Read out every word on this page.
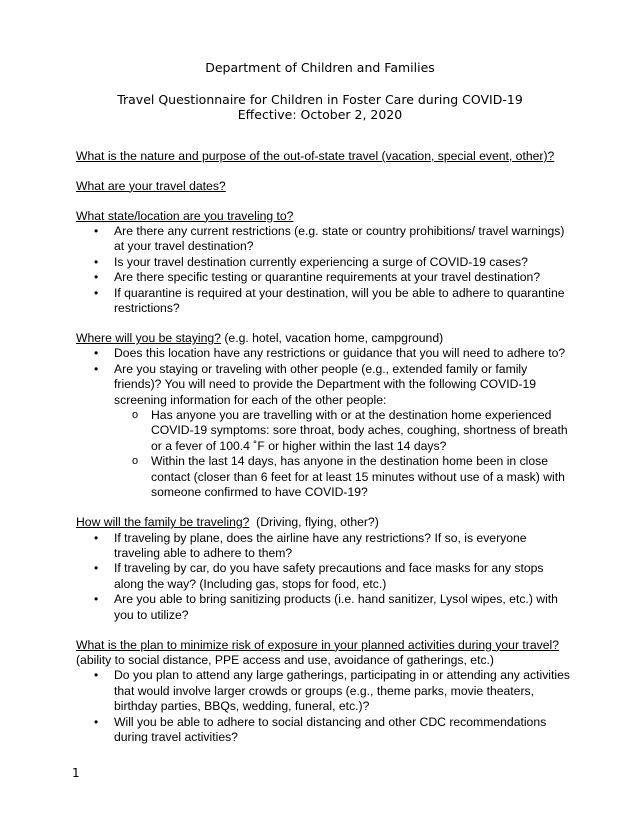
Department of Children and Families
Travel Questionnaire for Children in Foster Care during COVID-19
Effective: October 2, 2020

What is the nature and purpose of the out-of-state travel (vacation, special event, other)?

What are your travel dates?

What state/location are you traveling to?

• Are there any current restrictions (e.g. state or country prohibitions/ travel warnings) at your travel destination?
• Is your travel destination currently experiencing a surge of COVID-19 cases?
• Are there specific testing or quarantine requirements at your travel destination?
• If quarantine is required at your destination, will you be able to adhere to quarantine restrictions?

Where will you be staying? (e.g. hotel, vacation home, campground)

• Does this location have any restrictions or guidance that you will need to adhere to?
• Are you staying or traveling with other people (e.g., extended family or family friends)? You will need to provide the Department with the following COVID-19 screening information for each of the other people:
o Has anyone you are travelling with or at the destination home experienced COVID-19 symptoms: sore throat, body aches, coughing, shortness of breath or a fever of 100.4 ˚F or higher within the last 14 days?
o Within the last 14 days, has anyone in the destination home been in close contact (closer than 6 feet for at least 15 minutes without use of a mask) with someone confirmed to have COVID-19?

How will the family be traveling?  (Driving, flying, other?)

• If traveling by plane, does the airline have any restrictions? If so, is everyone traveling able to adhere to them?
• If traveling by car, do you have safety precautions and face masks for any stops along the way? (Including gas, stops for food, etc.)
• Are you able to bring sanitizing products (i.e. hand sanitizer, Lysol wipes, etc.) with you to utilize?

What is the plan to minimize risk of exposure in your planned activities during your travel? (ability to social distance, PPE access and use, avoidance of gatherings, etc.)

• Do you plan to attend any large gatherings, participating in or attending any activities that would involve larger crowds or groups (e.g., theme parks, movie theaters, birthday parties, BBQs, wedding, funeral, etc.)?
• Will you be able to adhere to social distancing and other CDC recommendations during travel activities?
1
